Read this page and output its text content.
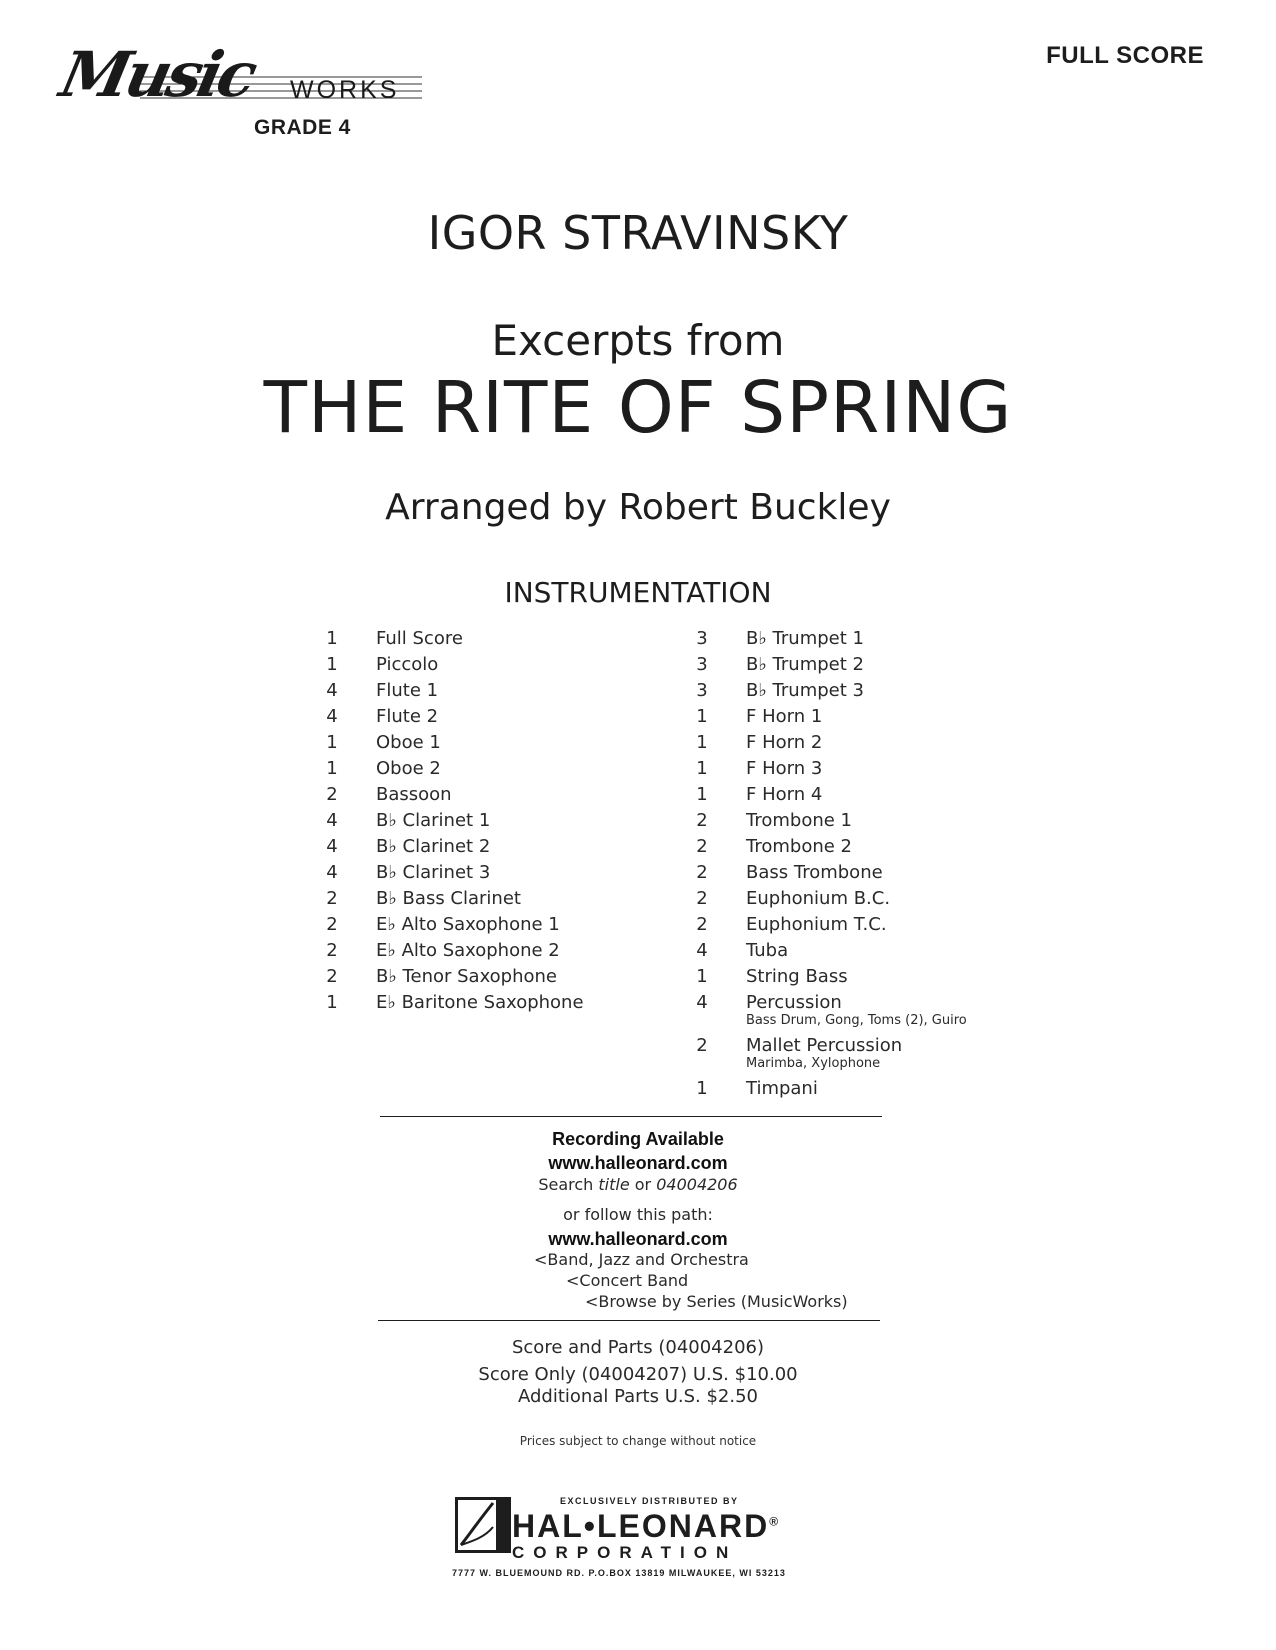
Music WORKS
GRADE 4
FULL SCORE
IGOR STRAVINSKY
Excerpts from
THE RITE OF SPRING
Arranged by Robert Buckley
INSTRUMENTATION
1 Full Score
1 Piccolo
4 Flute 1
4 Flute 2
1 Oboe 1
1 Oboe 2
2 Bassoon
4 B♭ Clarinet 1
4 B♭ Clarinet 2
4 B♭ Clarinet 3
2 B♭ Bass Clarinet
2 E♭ Alto Saxophone 1
2 E♭ Alto Saxophone 2
2 B♭ Tenor Saxophone
1 E♭ Baritone Saxophone
3 B♭ Trumpet 1
3 B♭ Trumpet 2
3 B♭ Trumpet 3
1 F Horn 1
1 F Horn 2
1 F Horn 3
1 F Horn 4
2 Trombone 1
2 Trombone 2
2 Bass Trombone
2 Euphonium B.C.
2 Euphonium T.C.
4 Tuba
1 String Bass
4 Percussion
Bass Drum, Gong, Toms (2), Guiro
2 Mallet Percussion
Marimba, Xylophone
1 Timpani
Recording Available
www.halleonard.com
Search title or 04004206
or follow this path:
www.halleonard.com
<Band, Jazz and Orchestra
<Concert Band
<Browse by Series (MusicWorks)
Score and Parts (04004206)
Score Only (04004207) U.S. $10.00
Additional Parts U.S. $2.50
Prices subject to change without notice
EXCLUSIVELY DISTRIBUTED BY
HAL•LEONARD®
CORPORATION
7777 W. BLUEMOUND RD. P.O.BOX 13819 MILWAUKEE, WI 53213
